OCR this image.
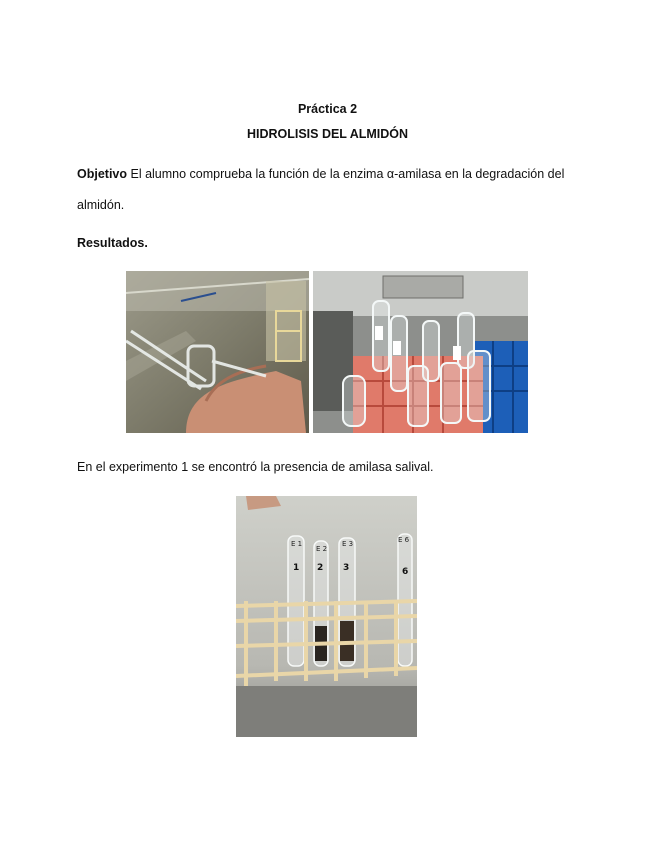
Práctica 2
HIDROLISIS DEL ALMIDÓN
Objetivo El alumno comprueba la función de la enzima α-amilasa en la degradación del
almidón.
Resultados.
En el experimento 1 se encontró la presencia de amilasa salival.
E 1
E 2
E 3	E 6
1 2 3	6
